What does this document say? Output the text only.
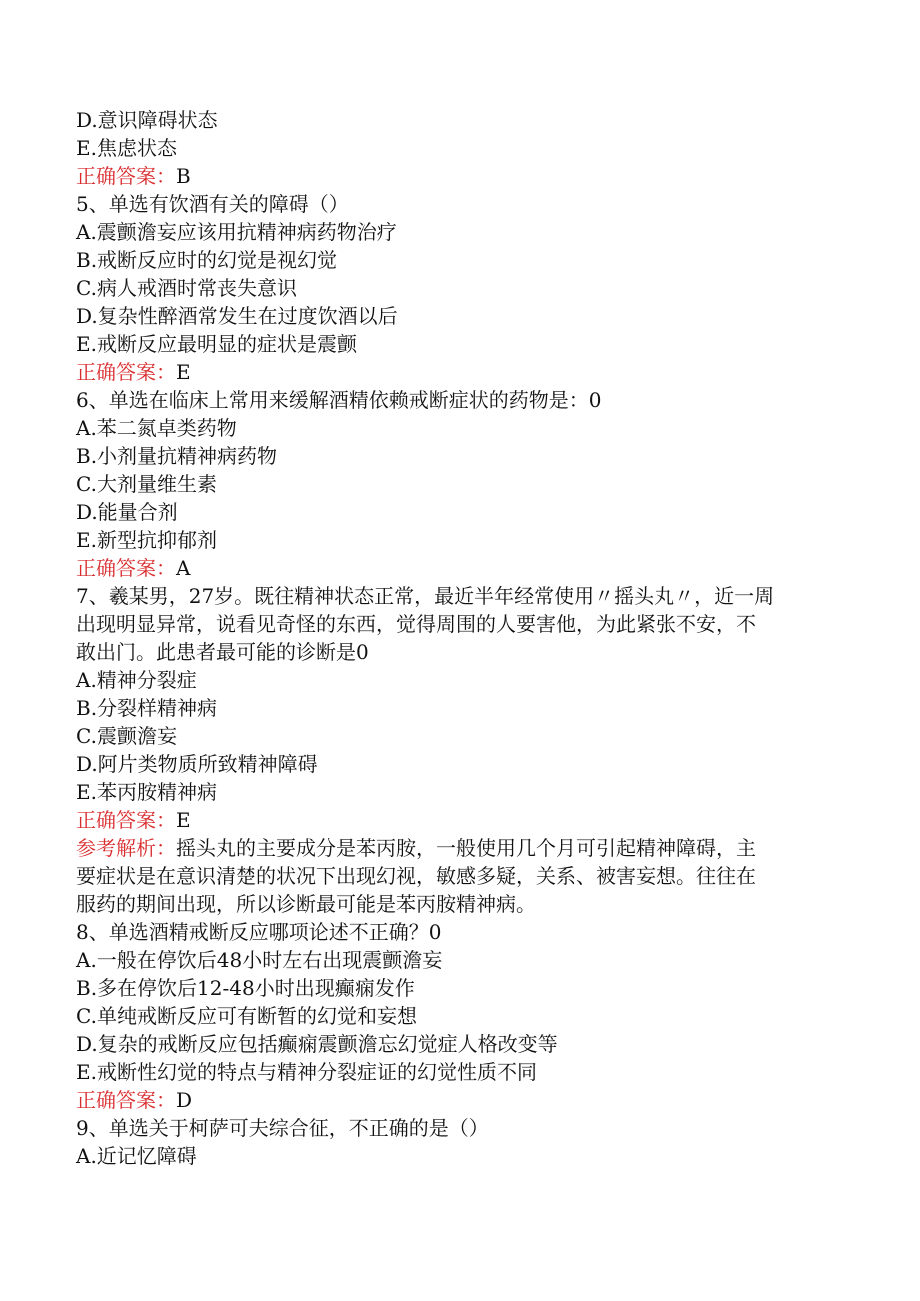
D.意识障碍状态
E.焦虑状态
正确答案：B
5、单选有饮酒有关的障碍（）
A.震颤澹妄应该用抗精神病药物治疗
B.戒断反应时的幻觉是视幻觉
C.病人戒酒时常丧失意识
D.复杂性醉酒常发生在过度饮酒以后
E.戒断反应最明显的症状是震颤
正确答案：E
6、单选在临床上常用来缓解酒精依赖戒断症状的药物是：0
A.苯二氮卓类药物
B.小剂量抗精神病药物
C.大剂量维生素
D.能量合剂
E.新型抗抑郁剂
正确答案：A
7、羲某男，27岁。既往精神状态正常，最近半年经常使用〃摇头丸〃，近一周
出现明显异常，说看见奇怪的东西，觉得周围的人要害他，为此紧张不安，不
敢出门。此患者最可能的诊断是0
A.精神分裂症
B.分裂样精神病
C.震颤澹妄
D.阿片类物质所致精神障碍
E.苯丙胺精神病
正确答案：E
参考解析：摇头丸的主要成分是苯丙胺，一般使用几个月可引起精神障碍，主
要症状是在意识清楚的状况下出现幻视，敏感多疑，关系、被害妄想。往往在
服药的期间出现，所以诊断最可能是苯丙胺精神病。
8、单选酒精戒断反应哪项论述不正确？0
A.一般在停饮后48小时左右出现震颤澹妄
B.多在停饮后12-48小时出现癫痫发作
C.单纯戒断反应可有断暂的幻觉和妄想
D.复杂的戒断反应包括癫痫震颤澹忘幻觉症人格改变等
E.戒断性幻觉的特点与精神分裂症证的幻觉性质不同
正确答案：D
9、单选关于柯萨可夫综合征，不正确的是（）
A.近记忆障碍
